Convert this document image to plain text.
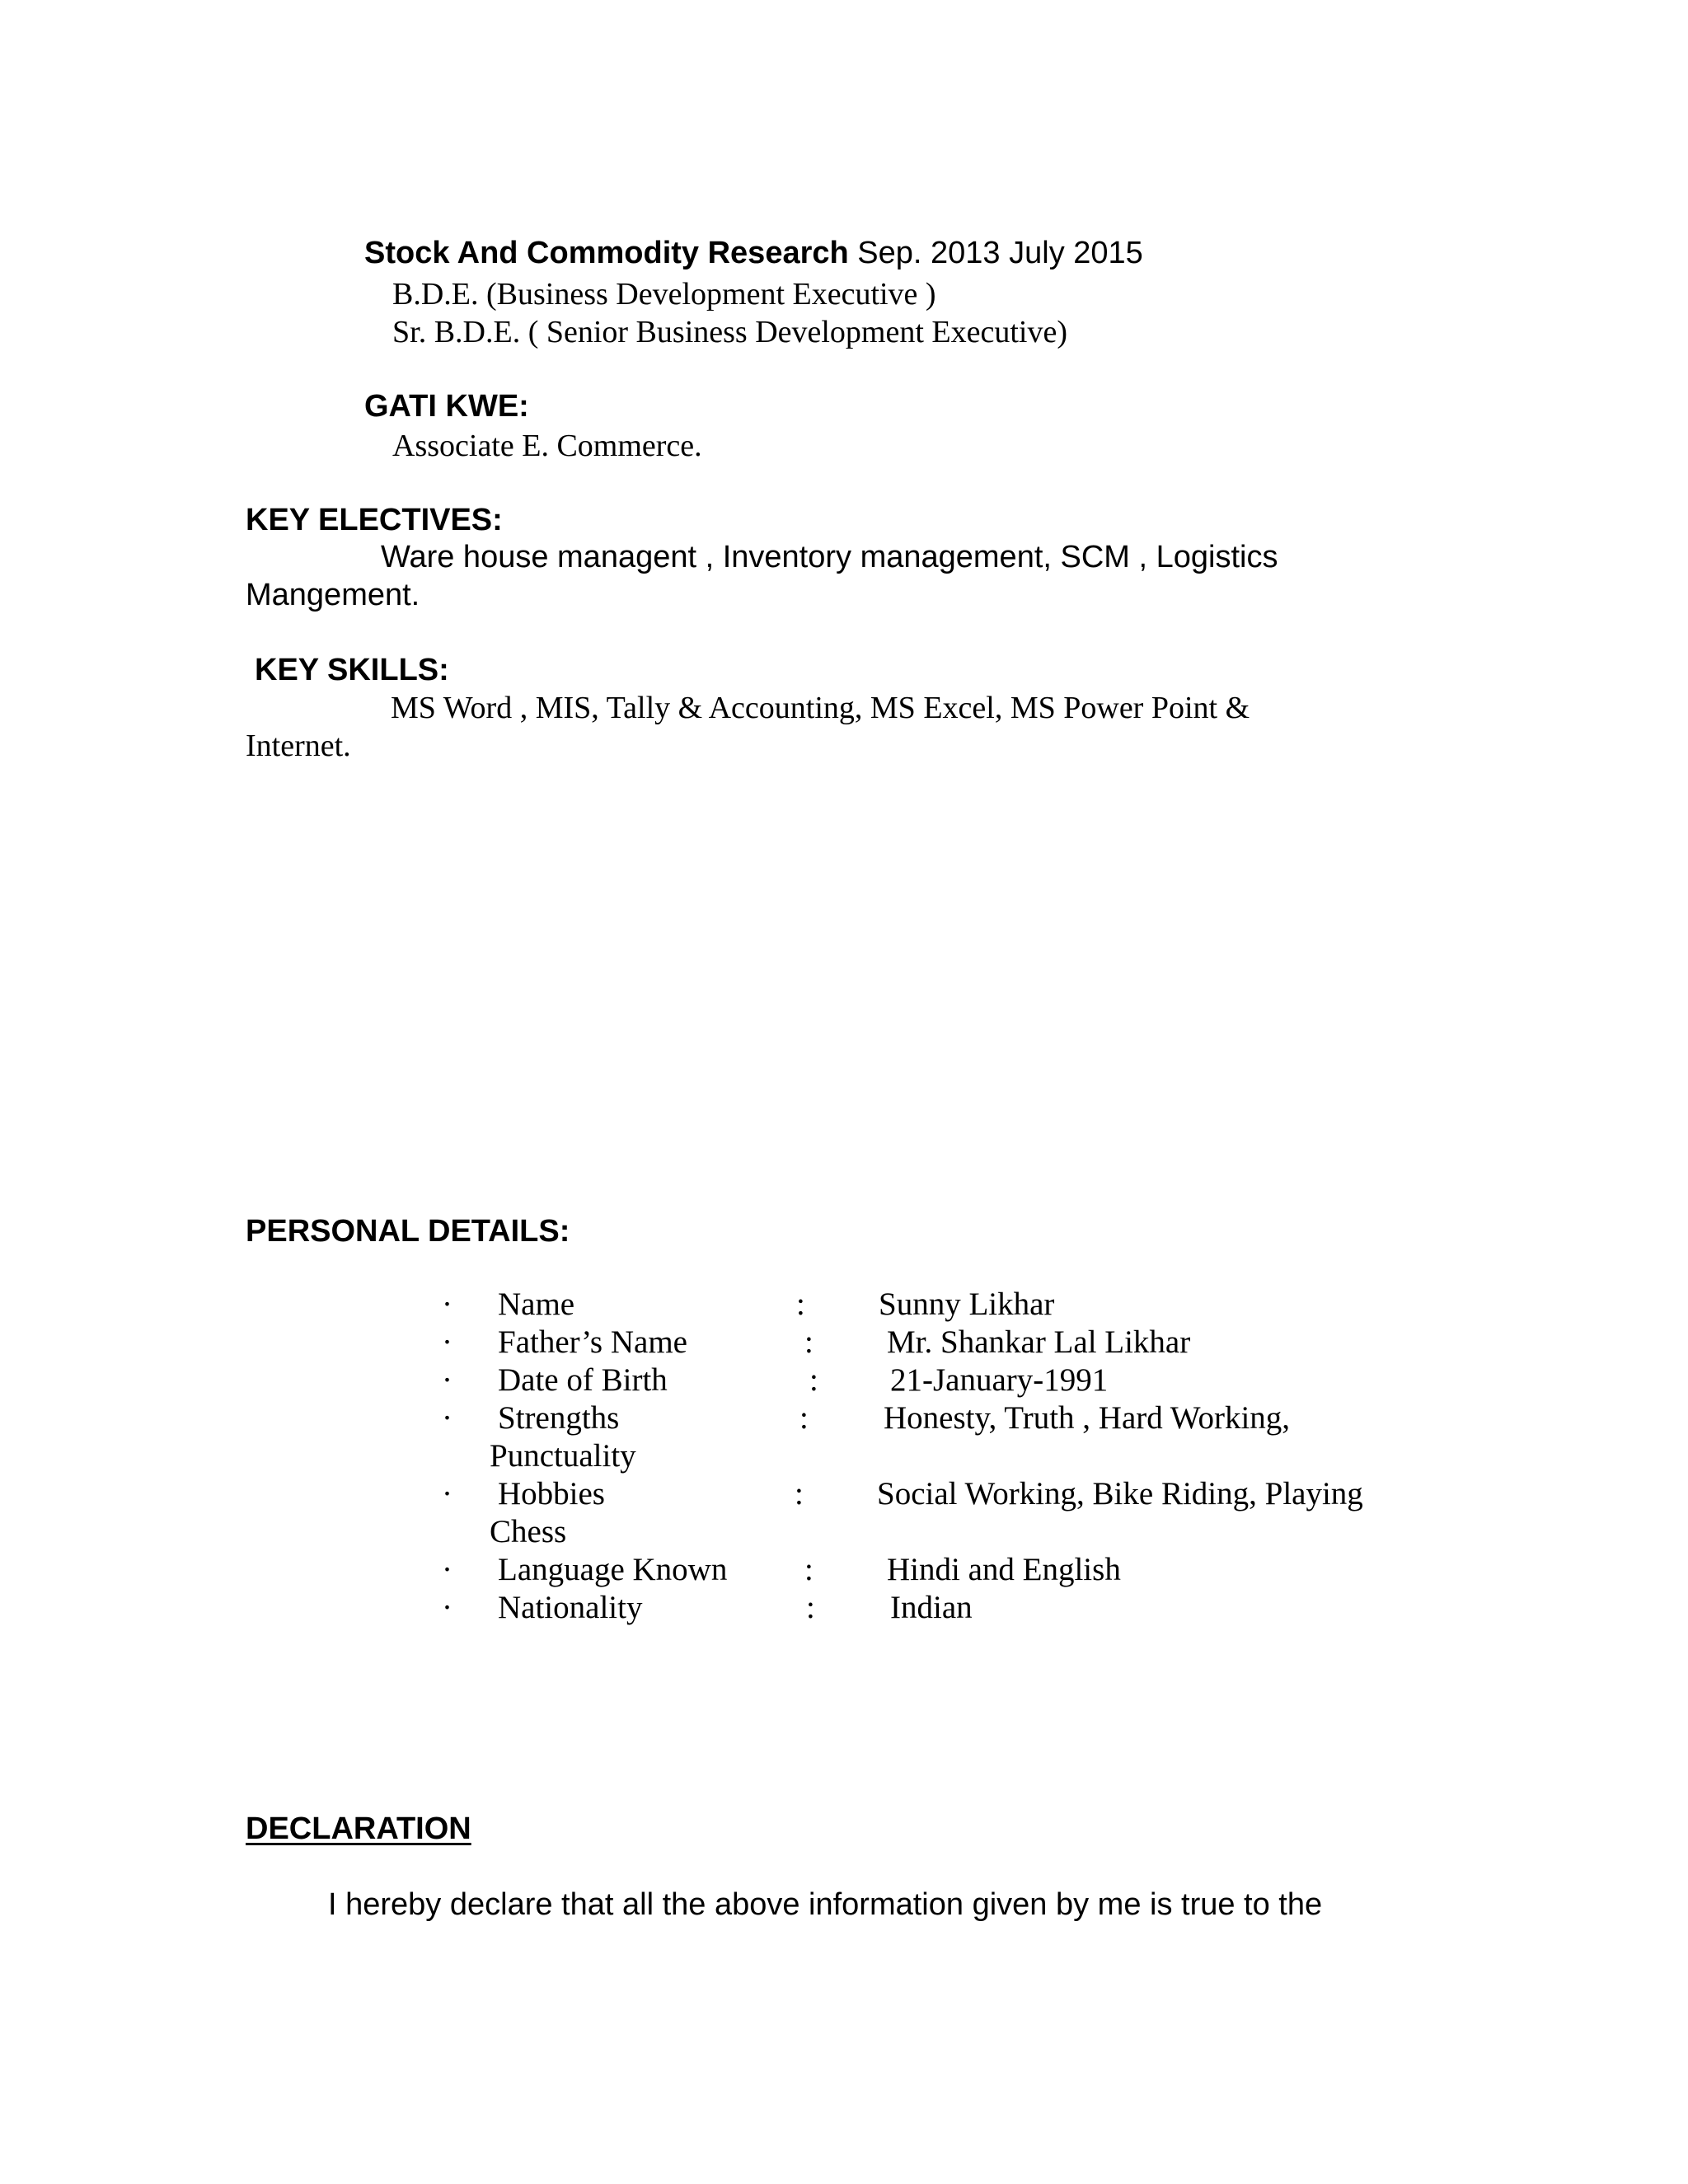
Stock And Commodity Research Sep. 2013 July 2015
B.D.E. (Business Development Executive )
Sr. B.D.E. ( Senior Business Development Executive)
GATI KWE:
Associate E. Commerce.
KEY ELECTIVES:
Ware house managent , Inventory management, SCM , Logistics
Mangement.
KEY SKILLS:
MS Word , MIS, Tally & Accounting, MS Excel, MS Power Point &
Internet.
PERSONAL DETAILS:
· Name	: Sunny Likhar
· Father’s Name	: Mr. Shankar Lal Likhar
· Date of Birth	: 21-January-1991
· Strengths	: Honesty, Truth , Hard Working,
Punctuality
· Hobbies	: Social Working, Bike Riding, Playing
Chess
· Language Known : Hindi and English
· Nationality	: Indian
DECLARATION
I hereby declare that all the above information given by me is true to the
